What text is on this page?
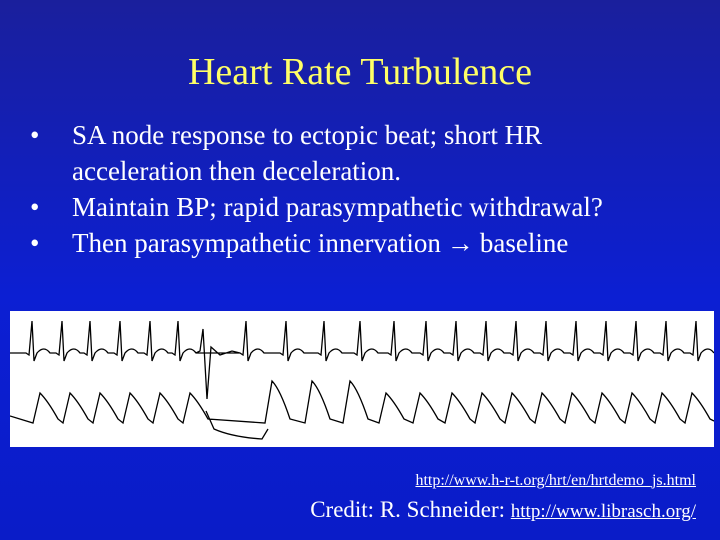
Heart Rate Turbulence
• SA node response to ectopic beat; short HR
acceleration then deceleration.
• Maintain BP; rapid parasympathetic withdrawal?
• Then parasympathetic innervation → baseline
http://www.h-r-t.org/hrt/en/hrtdemo_js.html
Credit: R. Schneider: http://www.librasch.org/
